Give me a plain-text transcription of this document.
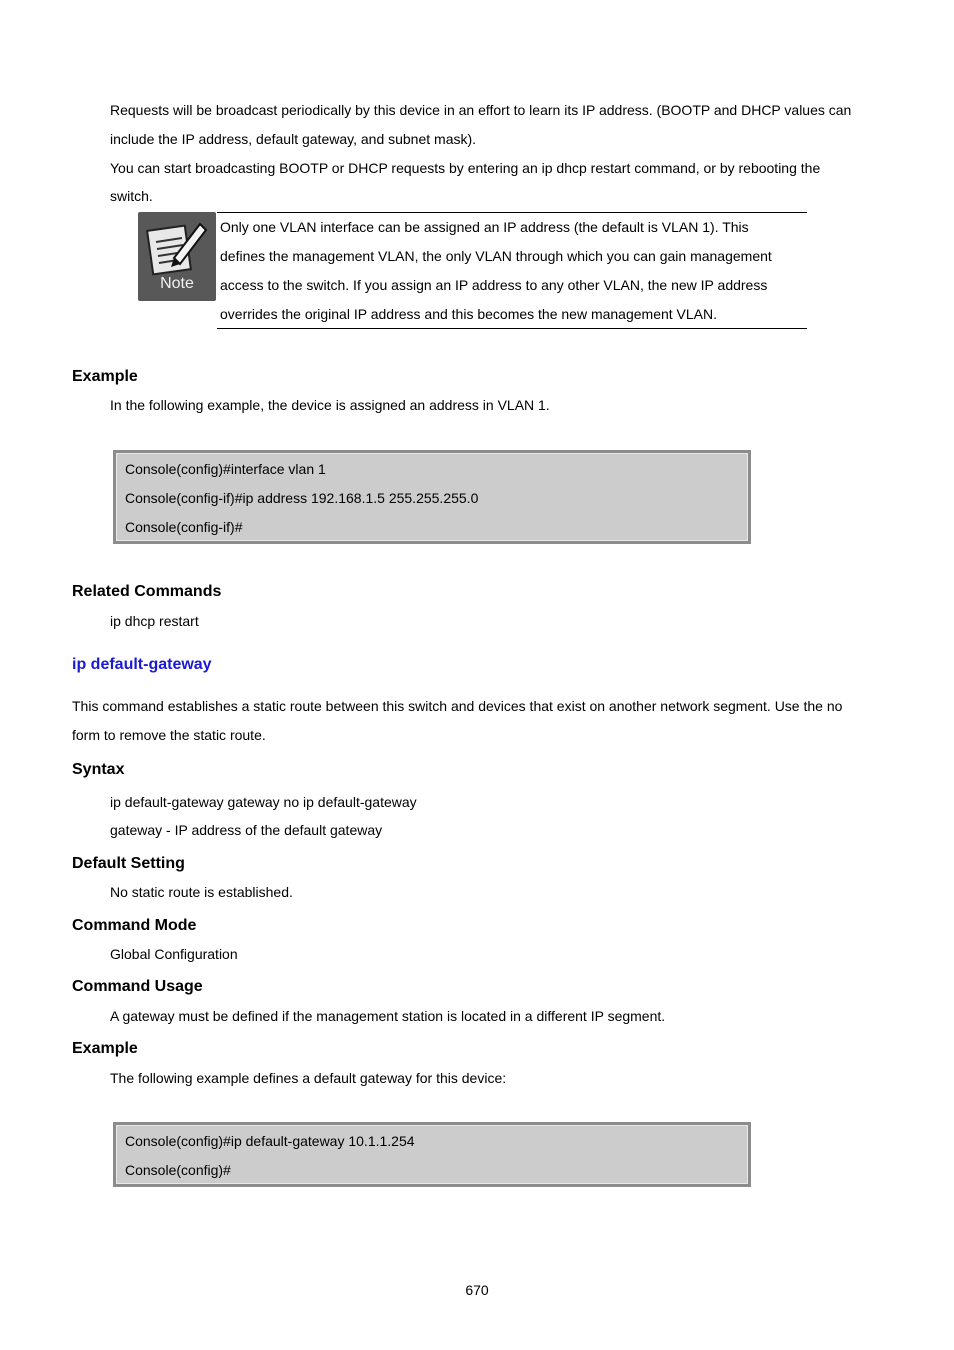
Requests will be broadcast periodically by this device in an effort to learn its IP address. (BOOTP and DHCP values can
include the IP address, default gateway, and subnet mask).
You can start broadcasting BOOTP or DHCP requests by entering an ip dhcp restart command, or by rebooting the
switch.
Note
Only one VLAN interface can be assigned an IP address (the default is VLAN 1). This
defines the management VLAN, the only VLAN through which you can gain management
access to the switch. If you assign an IP address to any other VLAN, the new IP address
overrides the original IP address and this becomes the new management VLAN.
Example
In the following example, the device is assigned an address in VLAN 1.
Console(config)#interface vlan 1
Console(config-if)#ip address 192.168.1.5 255.255.255.0
Console(config-if)#
Related Commands
ip dhcp restart
ip default-gateway
This command establishes a static route between this switch and devices that exist on another network segment. Use the no
form to remove the static route.
Syntax
ip default-gateway gateway no ip default-gateway
gateway - IP address of the default gateway
Default Setting
No static route is established.
Command Mode
Global Configuration
Command Usage
A gateway must be defined if the management station is located in a different IP segment.
Example
The following example defines a default gateway for this device:
Console(config)#ip default-gateway 10.1.1.254
Console(config)#
670
